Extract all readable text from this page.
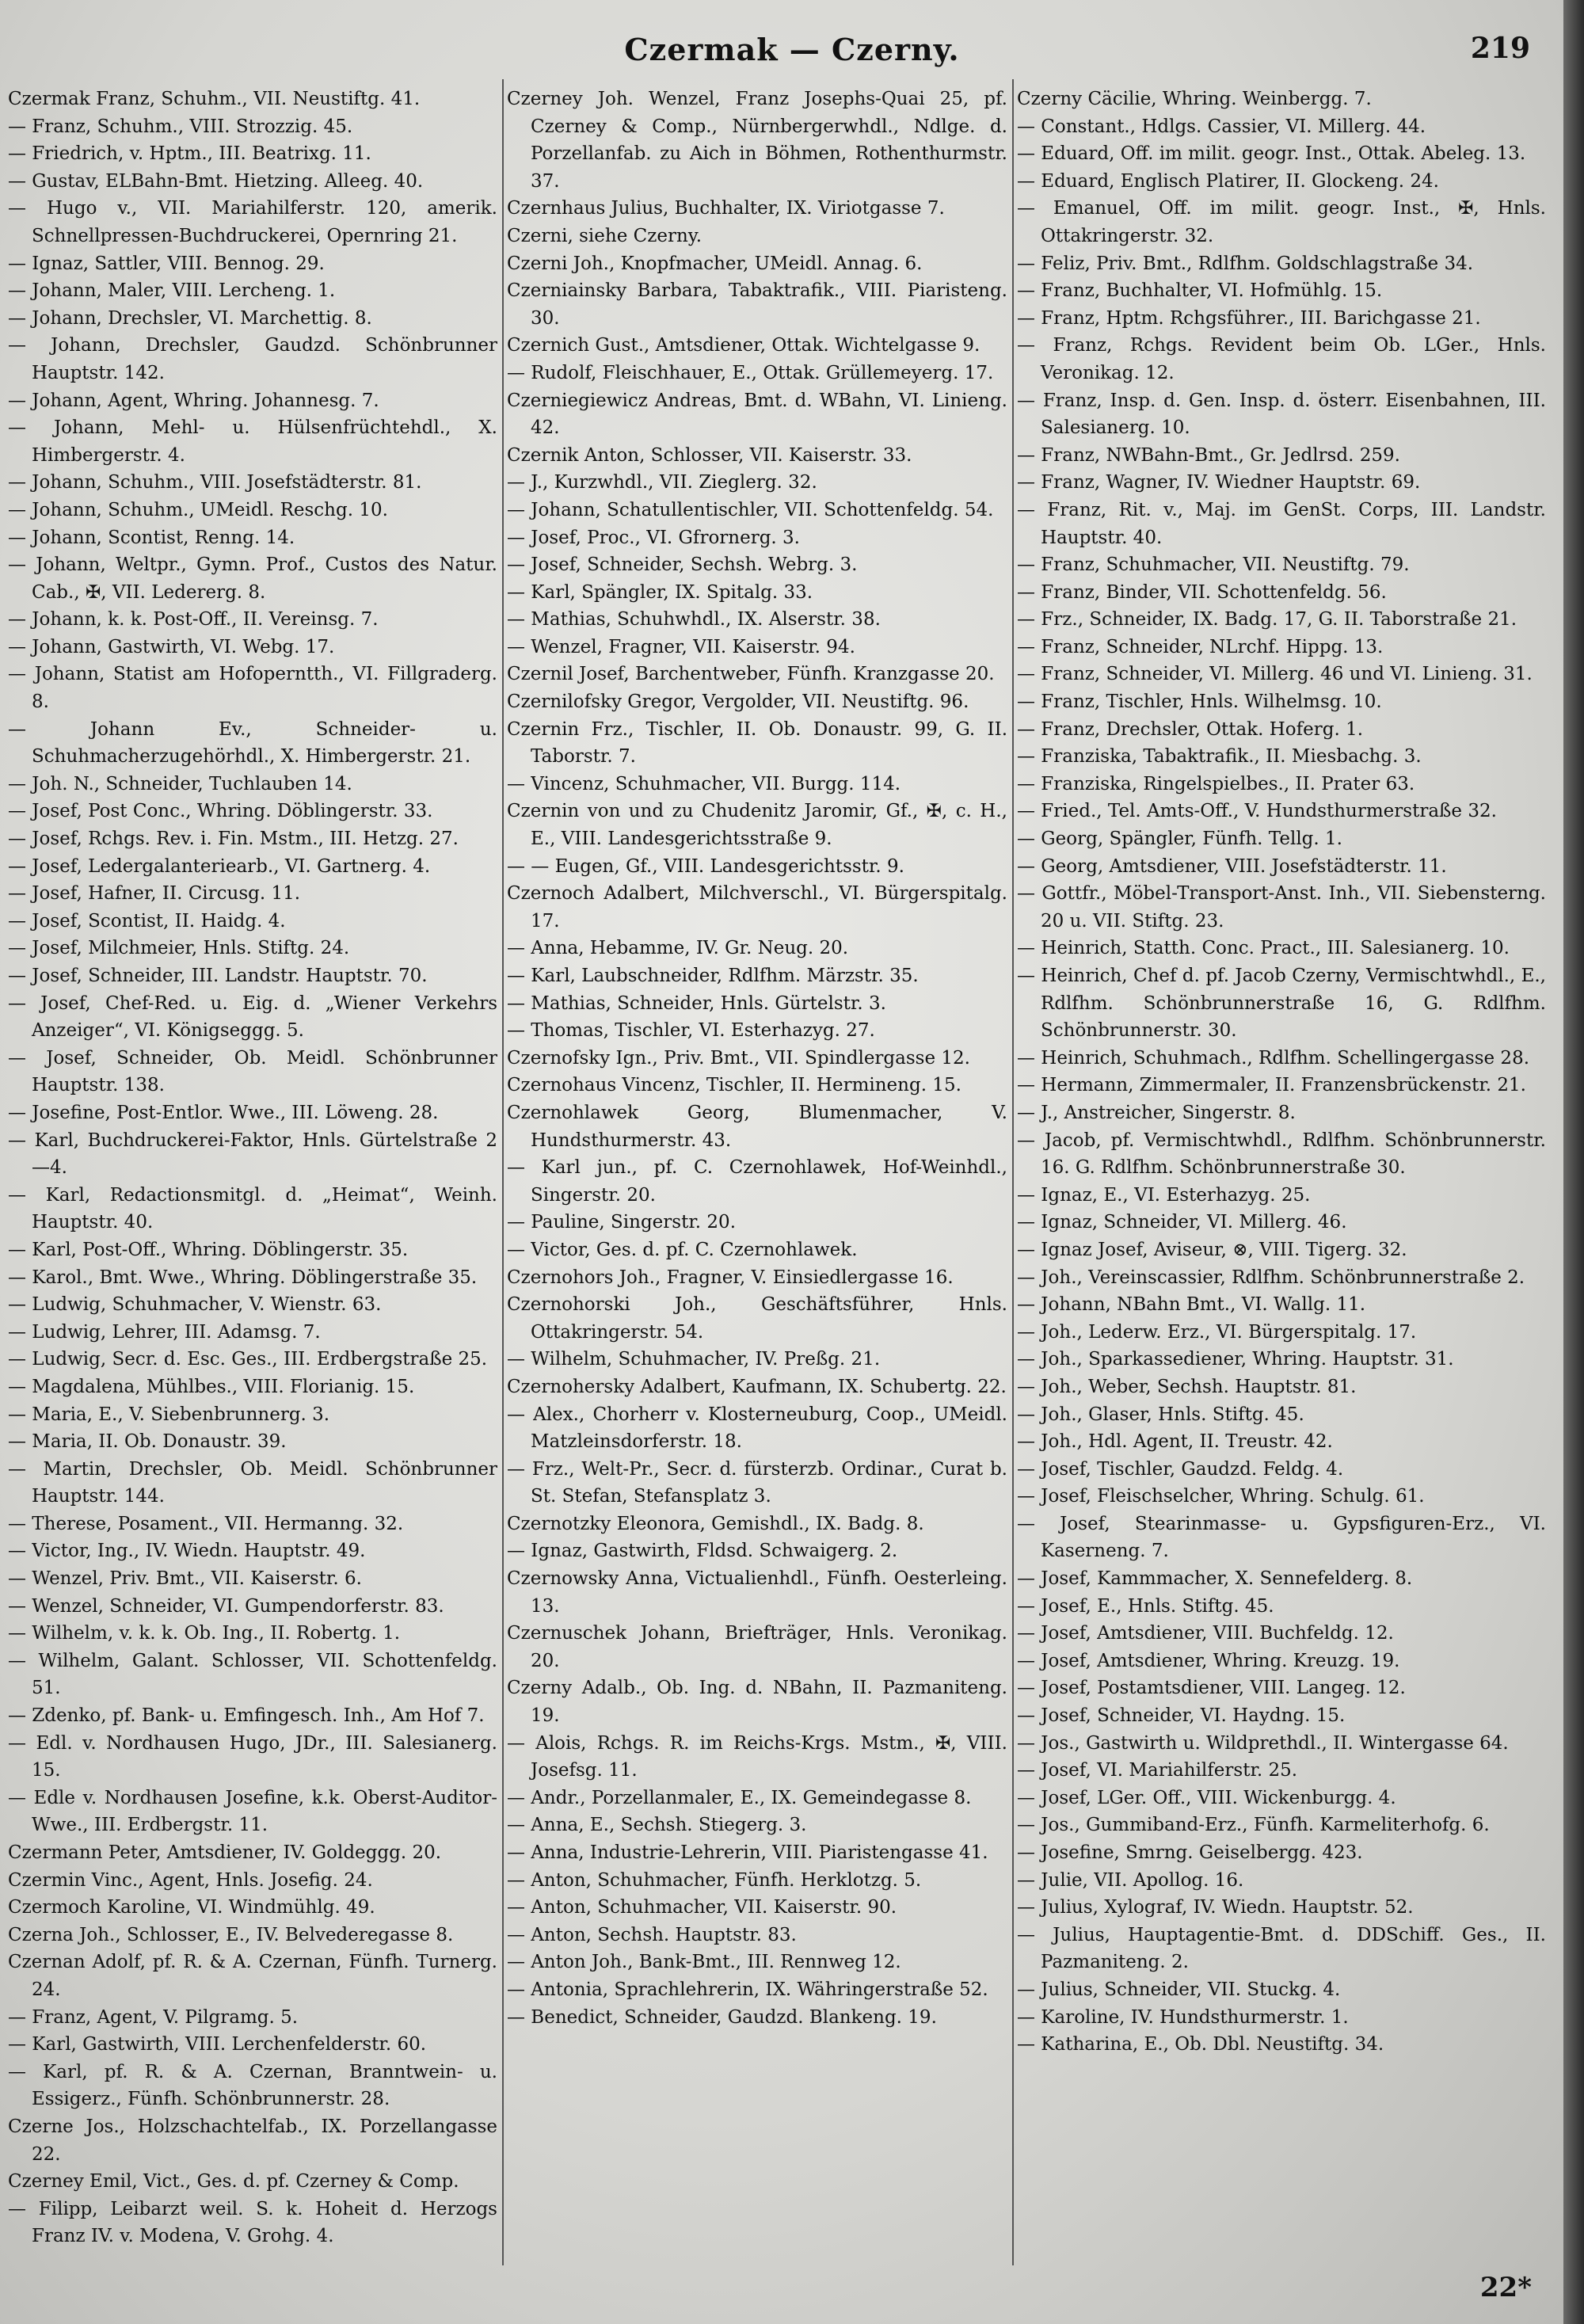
Czermak — Czerny.	219

Czermak Franz, Schuhm., VII. Neustiftg. 41.

— Franz, Schuhm., VIII. Strozzig. 45.

— Friedrich, v. Hptm., III. Beatrixg. 11.

— Gustav, ELBahn-Bmt. Hietzing. Alleeg. 40.

— Hugo v., VII. Mariahilferstr. 120, amerik. Schnellpressen-Buchdruckerei, Opernring 21.

— Ignaz, Sattler, VIII. Bennog. 29.

— Johann, Maler, VIII. Lercheng. 1.

— Johann, Drechsler, VI. Marchettig. 8.

— Johann, Drechsler, Gaudzd. Schönbrunner Hauptstr. 142.

— Johann, Agent, Whring. Johannesg. 7.

— Johann, Mehl- u. Hülsenfrüchtehdl., X. Himbergerstr. 4.

— Johann, Schuhm., VIII. Josefstädterstr. 81.

— Johann, Schuhm., UMeidl. Reschg. 10.

— Johann, Scontist, Renng. 14.

— Johann, Weltpr., Gymn. Prof., Custos des Natur. Cab., ✠, VII. Ledererg. 8.

— Johann, k. k. Post-Off., II. Vereinsg. 7.

— Johann, Gastwirth, VI. Webg. 17.

— Johann, Statist am Hofoperntth., VI. Fillgraderg. 8.

— Johann Ev., Schneider- u. Schuhmacherzugehörhdl., X. Himbergerstr. 21.

— Joh. N., Schneider, Tuchlauben 14.

— Josef, Post Conc., Whring. Döblingerstr. 33.

— Josef, Rchgs. Rev. i. Fin. Mstm., III. Hetzg. 27.

— Josef, Ledergalanteriearb., VI. Gartnerg. 4.

— Josef, Hafner, II. Circusg. 11.

— Josef, Scontist, II. Haidg. 4.

— Josef, Milchmeier, Hnls. Stiftg. 24.

— Josef, Schneider, III. Landstr. Hauptstr. 70.

— Josef, Chef-Red. u. Eig. d. „Wiener Verkehrs Anzeiger“, VI. Königseggg. 5.

— Josef, Schneider, Ob. Meidl. Schönbrunner Hauptstr. 138.

— Josefine, Post-Entlor. Wwe., III. Löweng. 28.

— Karl, Buchdruckerei-Faktor, Hnls. Gürtelstraße 2—4.

— Karl, Redactionsmitgl. d. „Heimat“, Weinh. Hauptstr. 40.

— Karl, Post-Off., Whring. Döblingerstr. 35.

— Karol., Bmt. Wwe., Whring. Döblingerstraße 35.

— Ludwig, Schuhmacher, V. Wienstr. 63.

— Ludwig, Lehrer, III. Adamsg. 7.

— Ludwig, Secr. d. Esc. Ges., III. Erdbergstraße 25.

— Magdalena, Mühlbes., VIII. Florianig. 15.

— Maria, E., V. Siebenbrunnerg. 3.

— Maria, II. Ob. Donaustr. 39.

— Martin, Drechsler, Ob. Meidl. Schönbrunner Hauptstr. 144.

— Therese, Posament., VII. Hermanng. 32.

— Victor, Ing., IV. Wiedn. Hauptstr. 49.

— Wenzel, Priv. Bmt., VII. Kaiserstr. 6.

— Wenzel, Schneider, VI. Gumpendorferstr. 83.

— Wilhelm, v. k. k. Ob. Ing., II. Robertg. 1.

— Wilhelm, Galant. Schlosser, VII. Schottenfeldg. 51.

— Zdenko, pf. Bank- u. Emfingesch. Inh., Am Hof 7.

— Edl. v. Nordhausen Hugo, JDr., III. Salesianerg. 15.

— Edle v. Nordhausen Josefine, k.k. Oberst-Auditor-Wwe., III. Erdbergstr. 11.

Czermann Peter, Amtsdiener, IV. Goldeggg. 20.

Czermin Vinc., Agent, Hnls. Josefig. 24.

Czermoch Karoline, VI. Windmühlg. 49.

Czerna Joh., Schlosser, E., IV. Belvederegasse 8.

Czernan Adolf, pf. R. & A. Czernan, Fünfh. Turnerg. 24.

— Franz, Agent, V. Pilgramg. 5.

— Karl, Gastwirth, VIII. Lerchenfelderstr. 60.

— Karl, pf. R. & A. Czernan, Branntwein- u. Essigerz., Fünfh. Schönbrunnerstr. 28.

Czerne Jos., Holzschachtelfab., IX. Porzellangasse 22.

Czerney Emil, Vict., Ges. d. pf. Czerney & Comp.

— Filipp, Leibarzt weil. S. k. Hoheit d. Herzogs Franz IV. v. Modena, V. Grohg. 4.

Czerney Joh. Wenzel, Franz Josephs-Quai 25, pf. Czerney & Comp., Nürnbergerwhdl., Ndlge. d. Porzellanfab. zu Aich in Böhmen, Rothenthurmstr. 37.

Czernhaus Julius, Buchhalter, IX. Viriotgasse 7.

Czerni, siehe Czerny.

Czerni Joh., Knopfmacher, UMeidl. Annag. 6.

Czerniainsky Barbara, Tabaktrafik., VIII. Piaristeng. 30.

Czernich Gust., Amtsdiener, Ottak. Wichtelgasse 9.

— Rudolf, Fleischhauer, E., Ottak. Grüllemeyerg. 17.

Czerniegiewicz Andreas, Bmt. d. WBahn, VI. Linieng. 42.

Czernik Anton, Schlosser, VII. Kaiserstr. 33.

— J., Kurzwhdl., VII. Zieglerg. 32.

— Johann, Schatullentischler, VII. Schottenfeldg. 54.

— Josef, Proc., VI. Gfrornerg. 3.

— Josef, Schneider, Sechsh. Webrg. 3.

— Karl, Spängler, IX. Spitalg. 33.

— Mathias, Schuhwhdl., IX. Alserstr. 38.

— Wenzel, Fragner, VII. Kaiserstr. 94.

Czernil Josef, Barchentweber, Fünfh. Kranzgasse 20.

Czernilofsky Gregor, Vergolder, VII. Neustiftg. 96.

Czernin Frz., Tischler, II. Ob. Donaustr. 99, G. II. Taborstr. 7.

— Vincenz, Schuhmacher, VII. Burgg. 114.

Czernin von und zu Chudenitz Jaromir, Gf., ✠, c. H., E., VIII. Landesgerichtsstraße 9.

— — Eugen, Gf., VIII. Landesgerichtsstr. 9.

Czernoch Adalbert, Milchverschl., VI. Bürgerspitalg. 17.

— Anna, Hebamme, IV. Gr. Neug. 20.

— Karl, Laubschneider, Rdlfhm. Märzstr. 35.

— Mathias, Schneider, Hnls. Gürtelstr. 3.

— Thomas, Tischler, VI. Esterhazyg. 27.

Czernofsky Ign., Priv. Bmt., VII. Spindlergasse 12.

Czernohaus Vincenz, Tischler, II. Hermineng. 15.

Czernohlawek Georg, Blumenmacher, V. Hundsthurmerstr. 43.

— Karl jun., pf. C. Czernohlawek, Hof-Weinhdl., Singerstr. 20.

— Pauline, Singerstr. 20.

— Victor, Ges. d. pf. C. Czernohlawek.

Czernohors Joh., Fragner, V. Einsiedlergasse 16.

Czernohorski Joh., Geschäftsführer, Hnls. Ottakringerstr. 54.

— Wilhelm, Schuhmacher, IV. Preßg. 21.

Czernohersky Adalbert, Kaufmann, IX. Schubertg. 22.

— Alex., Chorherr v. Klosterneuburg, Coop., UMeidl. Matzleinsdorferstr. 18.

— Frz., Welt-Pr., Secr. d. fürsterzb. Ordinar., Curat b. St. Stefan, Stefansplatz 3.

Czernotzky Eleonora, Gemishdl., IX. Badg. 8.

— Ignaz, Gastwirth, Fldsd. Schwaigerg. 2.

Czernowsky Anna, Victualienhdl., Fünfh. Oesterleing. 13.

Czernuschek Johann, Briefträger, Hnls. Veronikag. 20.

Czerny Adalb., Ob. Ing. d. NBahn, II. Pazmaniteng. 19.

— Alois, Rchgs. R. im Reichs-Krgs. Mstm., ✠, VIII. Josefsg. 11.

— Andr., Porzellanmaler, E., IX. Gemeindegasse 8.

— Anna, E., Sechsh. Stiegerg. 3.

— Anna, Industrie-Lehrerin, VIII. Piaristengasse 41.

— Anton, Schuhmacher, Fünfh. Herklotzg. 5.

— Anton, Schuhmacher, VII. Kaiserstr. 90.

— Anton, Sechsh. Hauptstr. 83.

— Anton Joh., Bank-Bmt., III. Rennweg 12.

— Antonia, Sprachlehrerin, IX. Währingerstraße 52.

— Benedict, Schneider, Gaudzd. Blankeng. 19.

Czerny Cäcilie, Whring. Weinbergg. 7.

— Constant., Hdlgs. Cassier, VI. Millerg. 44.

— Eduard, Off. im milit. geogr. Inst., Ottak. Abeleg. 13.

— Eduard, Englisch Platirer, II. Glockeng. 24.

— Emanuel, Off. im milit. geogr. Inst., ✠, Hnls. Ottakringerstr. 32.

— Feliz, Priv. Bmt., Rdlfhm. Goldschlagstraße 34.

— Franz, Buchhalter, VI. Hofmühlg. 15.

— Franz, Hptm. Rchgsführer., III. Barichgasse 21.

— Franz, Rchgs. Revident beim Ob. LGer., Hnls. Veronikag. 12.

— Franz, Insp. d. Gen. Insp. d. österr. Eisenbahnen, III. Salesianerg. 10.

— Franz, NWBahn-Bmt., Gr. Jedlrsd. 259.

— Franz, Wagner, IV. Wiedner Hauptstr. 69.

— Franz, Rit. v., Maj. im GenSt. Corps, III. Landstr. Hauptstr. 40.

— Franz, Schuhmacher, VII. Neustiftg. 79.

— Franz, Binder, VII. Schottenfeldg. 56.

— Frz., Schneider, IX. Badg. 17, G. II. Taborstraße 21.

— Franz, Schneider, NLrchf. Hippg. 13.

— Franz, Schneider, VI. Millerg. 46 und VI. Linieng. 31.

— Franz, Tischler, Hnls. Wilhelmsg. 10.

— Franz, Drechsler, Ottak. Hoferg. 1.

— Franziska, Tabaktrafik., II. Miesbachg. 3.

— Franziska, Ringelspielbes., II. Prater 63.

— Fried., Tel. Amts-Off., V. Hundsthurmerstraße 32.

— Georg, Spängler, Fünfh. Tellg. 1.

— Georg, Amtsdiener, VIII. Josefstädterstr. 11.

— Gottfr., Möbel-Transport-Anst. Inh., VII. Siebensterng. 20 u. VII. Stiftg. 23.

— Heinrich, Statth. Conc. Pract., III. Salesianerg. 10.

— Heinrich, Chef d. pf. Jacob Czerny, Vermischtwhdl., E., Rdlfhm. Schönbrunnerstraße 16, G. Rdlfhm. Schönbrunnerstr. 30.

— Heinrich, Schuhmach., Rdlfhm. Schellingergasse 28.

— Hermann, Zimmermaler, II. Franzensbrückenstr. 21.

— J., Anstreicher, Singerstr. 8.

— Jacob, pf. Vermischtwhdl., Rdlfhm. Schönbrunnerstr. 16. G. Rdlfhm. Schönbrunnerstraße 30.

— Ignaz, E., VI. Esterhazyg. 25.

— Ignaz, Schneider, VI. Millerg. 46.

— Ignaz Josef, Aviseur, ⊗, VIII. Tigerg. 32.

— Joh., Vereinscassier, Rdlfhm. Schönbrunnerstraße 2.

— Johann, NBahn Bmt., VI. Wallg. 11.

— Joh., Lederw. Erz., VI. Bürgerspitalg. 17.

— Joh., Sparkassediener, Whring. Hauptstr. 31.

— Joh., Weber, Sechsh. Hauptstr. 81.

— Joh., Glaser, Hnls. Stiftg. 45.

— Joh., Hdl. Agent, II. Treustr. 42.

— Josef, Tischler, Gaudzd. Feldg. 4.

— Josef, Fleischselcher, Whring. Schulg. 61.

— Josef, Stearinmasse- u. Gypsfiguren-Erz., VI. Kaserneng. 7.

— Josef, Kammmacher, X. Sennefelderg. 8.

— Josef, E., Hnls. Stiftg. 45.

— Josef, Amtsdiener, VIII. Buchfeldg. 12.

— Josef, Amtsdiener, Whring. Kreuzg. 19.

— Josef, Postamtsdiener, VIII. Langeg. 12.

— Josef, Schneider, VI. Haydng. 15.

— Jos., Gastwirth u. Wildprethdl., II. Wintergasse 64.

— Josef, VI. Mariahilferstr. 25.

— Josef, LGer. Off., VIII. Wickenburgg. 4.

— Jos., Gummiband-Erz., Fünfh. Karmeliterhofg. 6.

— Josefine, Smrng. Geiselbergg. 423.

— Julie, VII. Apollog. 16.

— Julius, Xylograf, IV. Wiedn. Hauptstr. 52.

— Julius, Hauptagentie-Bmt. d. DDSchiff. Ges., II. Pazmaniteng. 2.

— Julius, Schneider, VII. Stuckg. 4.

— Karoline, IV. Hundsthurmerstr. 1.

— Katharina, E., Ob. Dbl. Neustiftg. 34.

22*
